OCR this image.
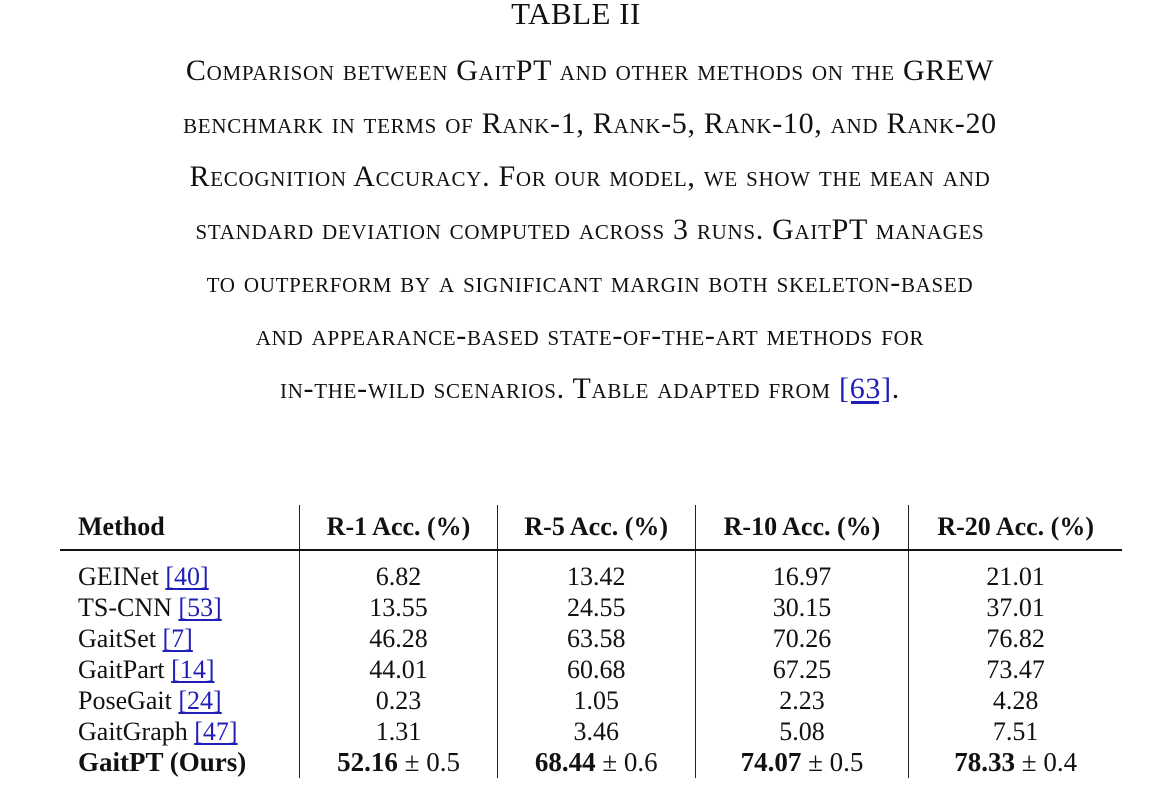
TABLE II
Comparison between GaitPT and other methods on the GREW
benchmark in terms of Rank-1, Rank-5, Rank-10, and Rank-20
Recognition Accuracy. For our model, we show the mean and
standard deviation computed across 3 runs. GaitPT manages
to outperform by a significant margin both skeleton-based
and appearance-based state-of-the-art methods for
in-the-wild scenarios. Table adapted from [63].
Method	R-1 Acc. (%)	R-5 Acc. (%)	R-10 Acc. (%)	R-20 Acc. (%)

GEINet [40]	6.82	13.42	16.97	21.01
TS-CNN [53]	13.55	24.55	30.15	37.01
GaitSet [7]	46.28	63.58	70.26	76.82
GaitPart [14]	44.01	60.68	67.25	73.47
PoseGait [24]	0.23	1.05	2.23	4.28
GaitGraph [47]	1.31	3.46	5.08	7.51
GaitPT (Ours)	52.16 ± 0.5	68.44 ± 0.6	74.07 ± 0.5	78.33 ± 0.4
